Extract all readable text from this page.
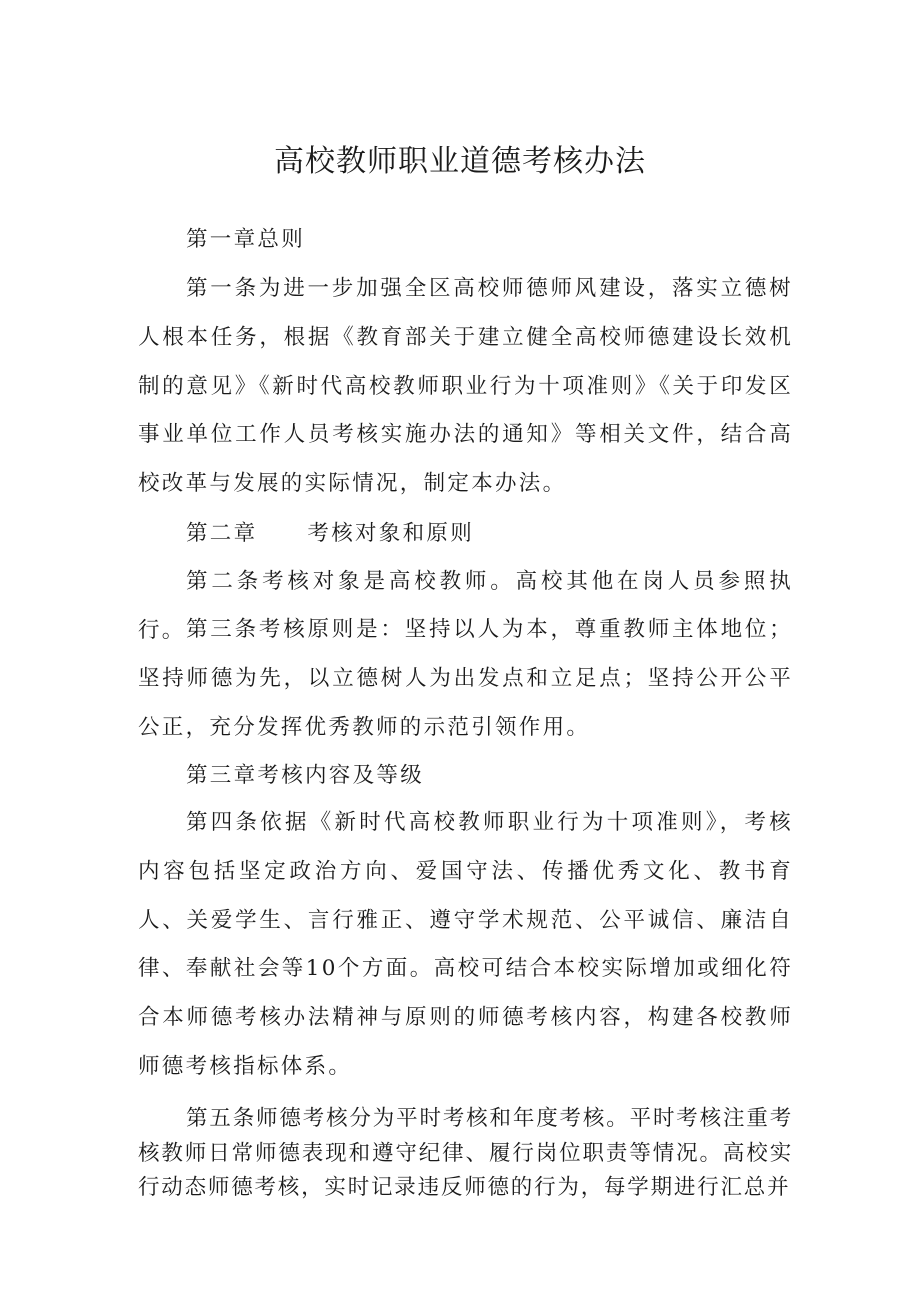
高校教师职业道德考核办法
第一章总则
第一条为进一步加强全区高校师德师风建设，落实立德树人根本任务，根据《教育部关于建立健全高校师德建设长效机制的意见》《新时代高校教师职业行为十项准则》《关于印发区事业单位工作人员考核实施办法的通知》等相关文件，结合高校改革与发展的实际情况，制定本办法。
第二章 考核对象和原则
第二条考核对象是高校教师。高校其他在岗人员参照执行。 第三条考核原则是：坚持以人为本，尊重教师主体地位；坚持师德为先，以立德树人为出发点和立足点；坚持公开公平公正，充分发挥优秀教师的示范引领作用。
第三章考核内容及等级
第四条依据《新时代高校教师职业行为十项准则》，考核内容包括坚定政治方向、爱国守法、传播优秀文化、教书育人、关爱学生、言行雅正、遵守学术规范、公平诚信、廉洁自律、奉献社会等10个方面。高校可结合本校实际增加或细化符合本师德考核办法精神与原则的师德考核内容，构建各校教师师德考核指标体系。
第五条师德考核分为平时考核和年度考核。平时考核注重考核教师日常师德表现和遵守纪律、履行岗位职责等情况。高校实行动态师德考核，实时记录违反师德的行为，每学期进行汇总并
